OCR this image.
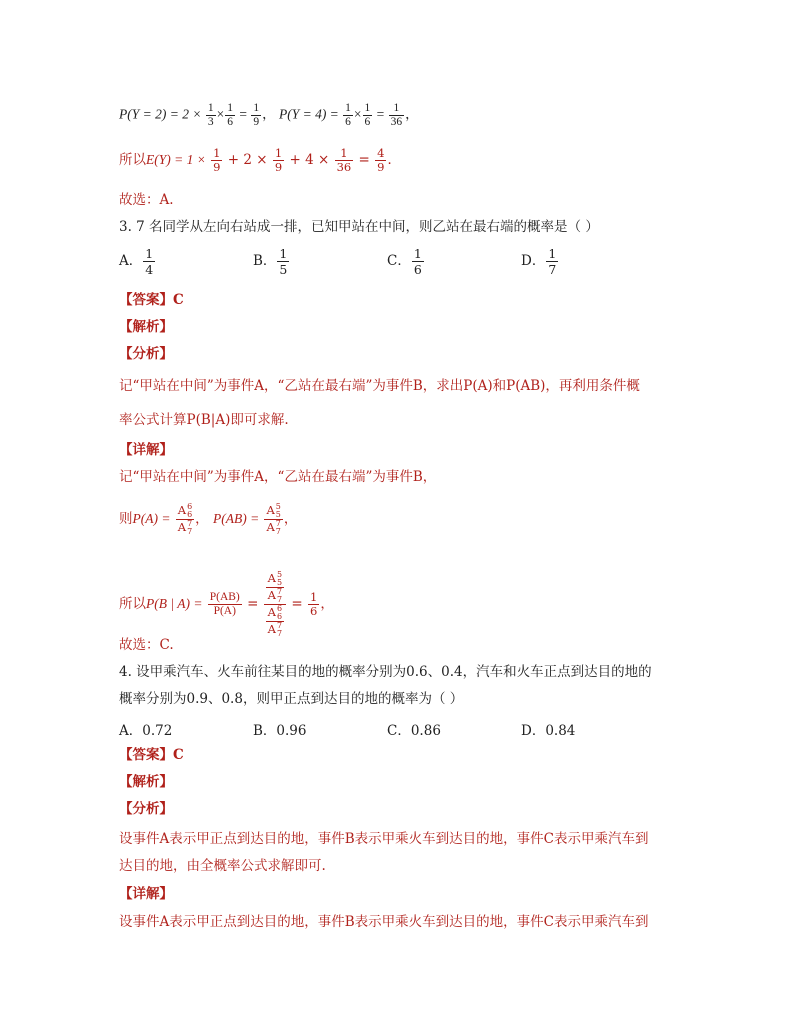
$P(Y = 2) = 2 \times \frac{1}{3} \times \frac{1}{6} = \frac{1}{9}$ ， $P(Y = 4) = \frac{1}{6} \times \frac{1}{6} = \frac{1}{36}$ ，
所以$E(Y) = 1 \times \frac{1}{9} + 2 \times \frac{1}{9} + 4 \times \frac{1}{36} = \frac{4}{9}$ ．
故选：A.
3. 7 名同学从左向右站成一排，已知甲站在中间，则乙站在最右端的概率是（ ）
A． $\frac{1}{4}$	B． $\frac{1}{5}$	C． $\frac{1}{6}$	D． $\frac{1}{7}$
【答案】C
【解析】
【分析】
记“甲站在中间”为事件A，“乙站在最右端”为事件B，求出P(A)和P(AB)，再利用条件概
率公式计算P(B|A)即可求解.
【详解】
记“甲站在中间”为事件A，“乙站在最右端”为事件B，
则P(A) = A 6
6
A 7
7 ， P(AB) = A 5
5
A 7
7 ，
所以P(B | $A) = \frac{P(AB)}{P(A)} = A$ 5
5
A 7
7
A 6
6
A 7
$7 = \frac{1}{6}$ ，
故选：C.
4. 设甲乘汽车、火车前往某目的地的概率分别为0.6、0.4，汽车和火车正点到达目的地的
概率分别为0.9、0.8，则甲正点到达目的地的概率为（ ）
A．0.72	B．0.96	C．0.86	D．0.84
【答案】C
【解析】
【分析】
设事件A表示甲正点到达目的地，事件B表示甲乘火车到达目的地，事件C表示甲乘汽车到
达目的地，由全概率公式求解即可.
【详解】
设事件A表示甲正点到达目的地，事件B表示甲乘火车到达目的地，事件C表示甲乘汽车到
